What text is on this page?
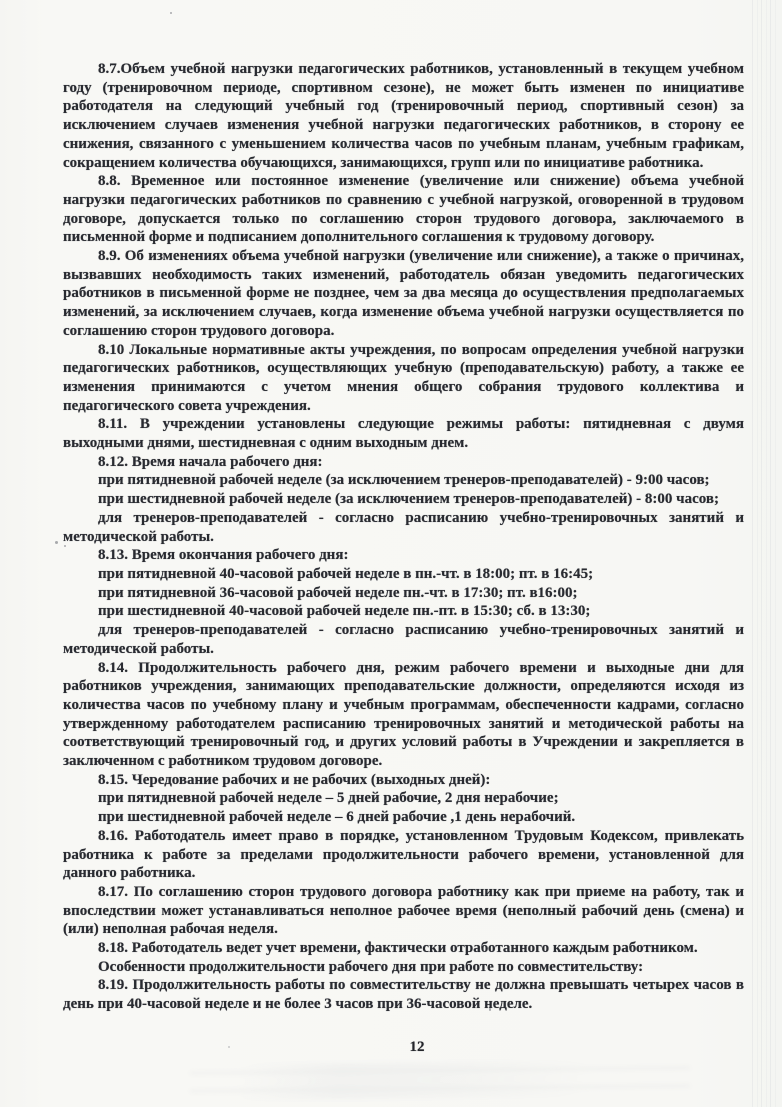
8.7.Объем учебной нагрузки педагогических работников, установленный в текущем учебном году (тренировочном периоде, спортивном сезоне), не может быть изменен по инициативе работодателя на следующий учебный год (тренировочный период, спортивный сезон) за исключением случаев изменения учебной нагрузки педагогических работников, в сторону ее снижения, связанного с уменьшением количества часов по учебным планам, учебным графикам, сокращением количества обучающихся, занимающихся, групп или по инициативе работника.

8.8. Временное или постоянное изменение (увеличение или снижение) объема учебной нагрузки педагогических работников по сравнению с учебной нагрузкой, оговоренной в трудовом договоре, допускается только по соглашению сторон трудового договора, заключаемого в письменной форме и подписанием дополнительного соглашения к трудовому договору.

8.9. Об изменениях объема учебной нагрузки (увеличение или снижение), а также о причинах, вызвавших необходимость таких изменений, работодатель обязан уведомить педагогических работников в письменной форме не позднее, чем за два месяца до осуществления предполагаемых изменений, за исключением случаев, когда изменение объема учебной нагрузки осуществляется по соглашению сторон трудового договора.

8.10 Локальные нормативные акты учреждения, по вопросам определения учебной нагрузки педагогических работников, осуществляющих учебную (преподавательскую) работу, а также ее изменения принимаются с учетом мнения общего собрания трудового коллектива и педагогического совета учреждения.

8.11. В учреждении установлены следующие режимы работы: пятидневная с двумя выходными днями, шестидневная с одним выходным днем.

8.12. Время начала рабочего дня:

при пятидневной рабочей неделе (за исключением тренеров-преподавателей) - 9:00 часов;

при шестидневной рабочей неделе (за исключением тренеров-преподавателей) - 8:00 часов;

для тренеров-преподавателей - согласно расписанию учебно-тренировочных занятий и методической работы.

8.13. Время окончания рабочего дня:

при пятидневной 40-часовой рабочей неделе в пн.-чт. в 18:00; пт. в 16:45;

при пятидневной 36-часовой рабочей неделе пн.-чт. в 17:30; пт. в16:00;

при шестидневной 40-часовой рабочей неделе пн.-пт. в 15:30; сб. в 13:30;

для тренеров-преподавателей - согласно расписанию учебно-тренировочных занятий и методической работы.

8.14. Продолжительность рабочего дня, режим рабочего времени и выходные дни для работников учреждения, занимающих преподавательские должности, определяются исходя из количества часов по учебному плану и учебным программам, обеспеченности кадрами, согласно утвержденному работодателем расписанию тренировочных занятий и методической работы на соответствующий тренировочный год, и других условий работы в Учреждении и закрепляется в заключенном с работником трудовом договоре.

8.15. Чередование рабочих и не рабочих (выходных дней):

при пятидневной рабочей неделе – 5 дней рабочие, 2 дня нерабочие;

при шестидневной рабочей неделе – 6 дней рабочие ,1 день нерабочий.

8.16. Работодатель имеет право в порядке, установленном Трудовым Кодексом, привлекать работника к работе за пределами продолжительности рабочего времени, установленной для данного работника.

8.17. По соглашению сторон трудового договора работнику как при приеме на работу, так и впоследствии может устанавливаться неполное рабочее время (неполный рабочий день (смена) и (или) неполная рабочая неделя.

8.18. Работодатель ведет учет времени, фактически отработанного каждым работником.

Особенности продолжительности рабочего дня при работе по совместительству:

8.19. Продолжительность работы по совместительству не должна превышать четырех часов в день при 40-часовой неделе и не более 3 часов при 36-часовой неделе.

12
